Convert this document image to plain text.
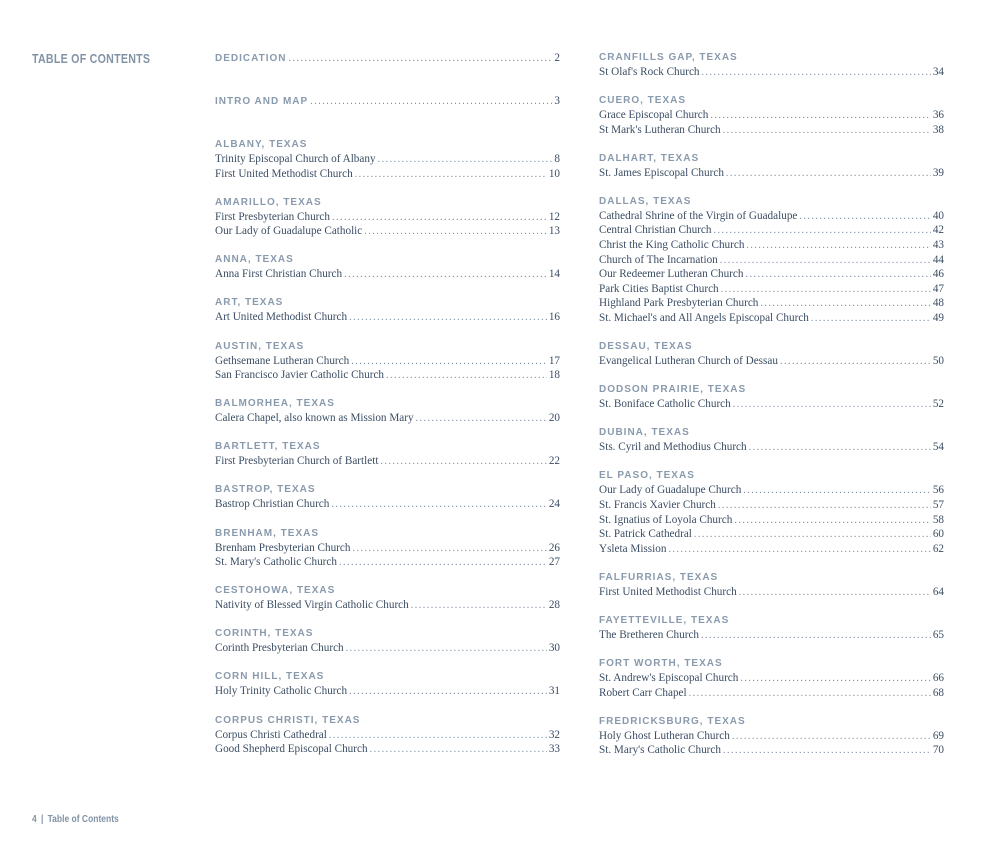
TABLE OF CONTENTS	DEDICATION .....	2
INTRO AND MAP .....	3
ALBANY, TEXAS
Trinity Episcopal Church of Albany .....	8
First United Methodist Church .....	10
AMARILLO, TEXAS
First Presbyterian Church .....	12
Our Lady of Guadalupe Catholic .....	13
ANNA, TEXAS
Anna First Christian Church .....	14
ART, TEXAS
Art United Methodist Church .....	16
AUSTIN, TEXAS
Gethsemane Lutheran Church .....	17
San Francisco Javier Catholic Church .....	18
BALMORHEA, TEXAS
Calera Chapel, also known as Mission Mary .....	20
BARTLETT, TEXAS
First Presbyterian Church of Bartlett .....	22
BASTROP, TEXAS
Bastrop Christian Church .....	24
BRENHAM, TEXAS
Brenham Presbyterian Church .....	26
St. Mary's Catholic Church .....	27
CESTOHOWA, TEXAS
Nativity of Blessed Virgin Catholic Church .....	28
CORINTH, TEXAS
Corinth Presbyterian Church .....	30
CORN HILL, TEXAS
Holy Trinity Catholic Church .....	31
CORPUS CHRISTI, TEXAS
Corpus Christi Cathedral .....	32
Good Shepherd Episcopal Church .....	33
CRANFILLS GAP, TEXAS
St Olaf's Rock Church .....	34
CUERO, TEXAS
Grace Episcopal Church .....	36
St Mark's Lutheran Church .....	38
DALHART, TEXAS
St. James Episcopal Church .....	39
DALLAS, TEXAS
Cathedral Shrine of the Virgin of Guadalupe .....	40
Central Christian Church .....	42
Christ the King Catholic Church .....	43
Church of The Incarnation .....	44
Our Redeemer Lutheran Church .....	46
Park Cities Baptist Church .....	47
Highland Park Presbyterian Church .....	48
St. Michael's and All Angels Episcopal Church .....	49
DESSAU, TEXAS
Evangelical Lutheran Church of Dessau .....	50
DODSON PRAIRIE, TEXAS
St. Boniface Catholic Church .....	52
DUBINA, TEXAS
Sts. Cyril and Methodius Church .....	54
EL PASO, TEXAS
Our Lady of Guadalupe Church .....	56
St. Francis Xavier Church .....	57
St. Ignatius of Loyola Church .....	58
St. Patrick Cathedral .....	60
Ysleta Mission .....	62
FALFURRIAS, TEXAS
First United Methodist Church .....	64
FAYETTEVILLE, TEXAS
The Bretheren Church .....	65
FORT WORTH, TEXAS
St. Andrew's Episcopal Church .....	66
Robert Carr Chapel .....	68
FREDRICKSBURG, TEXAS
Holy Ghost Lutheran Church .....	69
St. Mary's Catholic Church .....	70
4 | Table of Contents
